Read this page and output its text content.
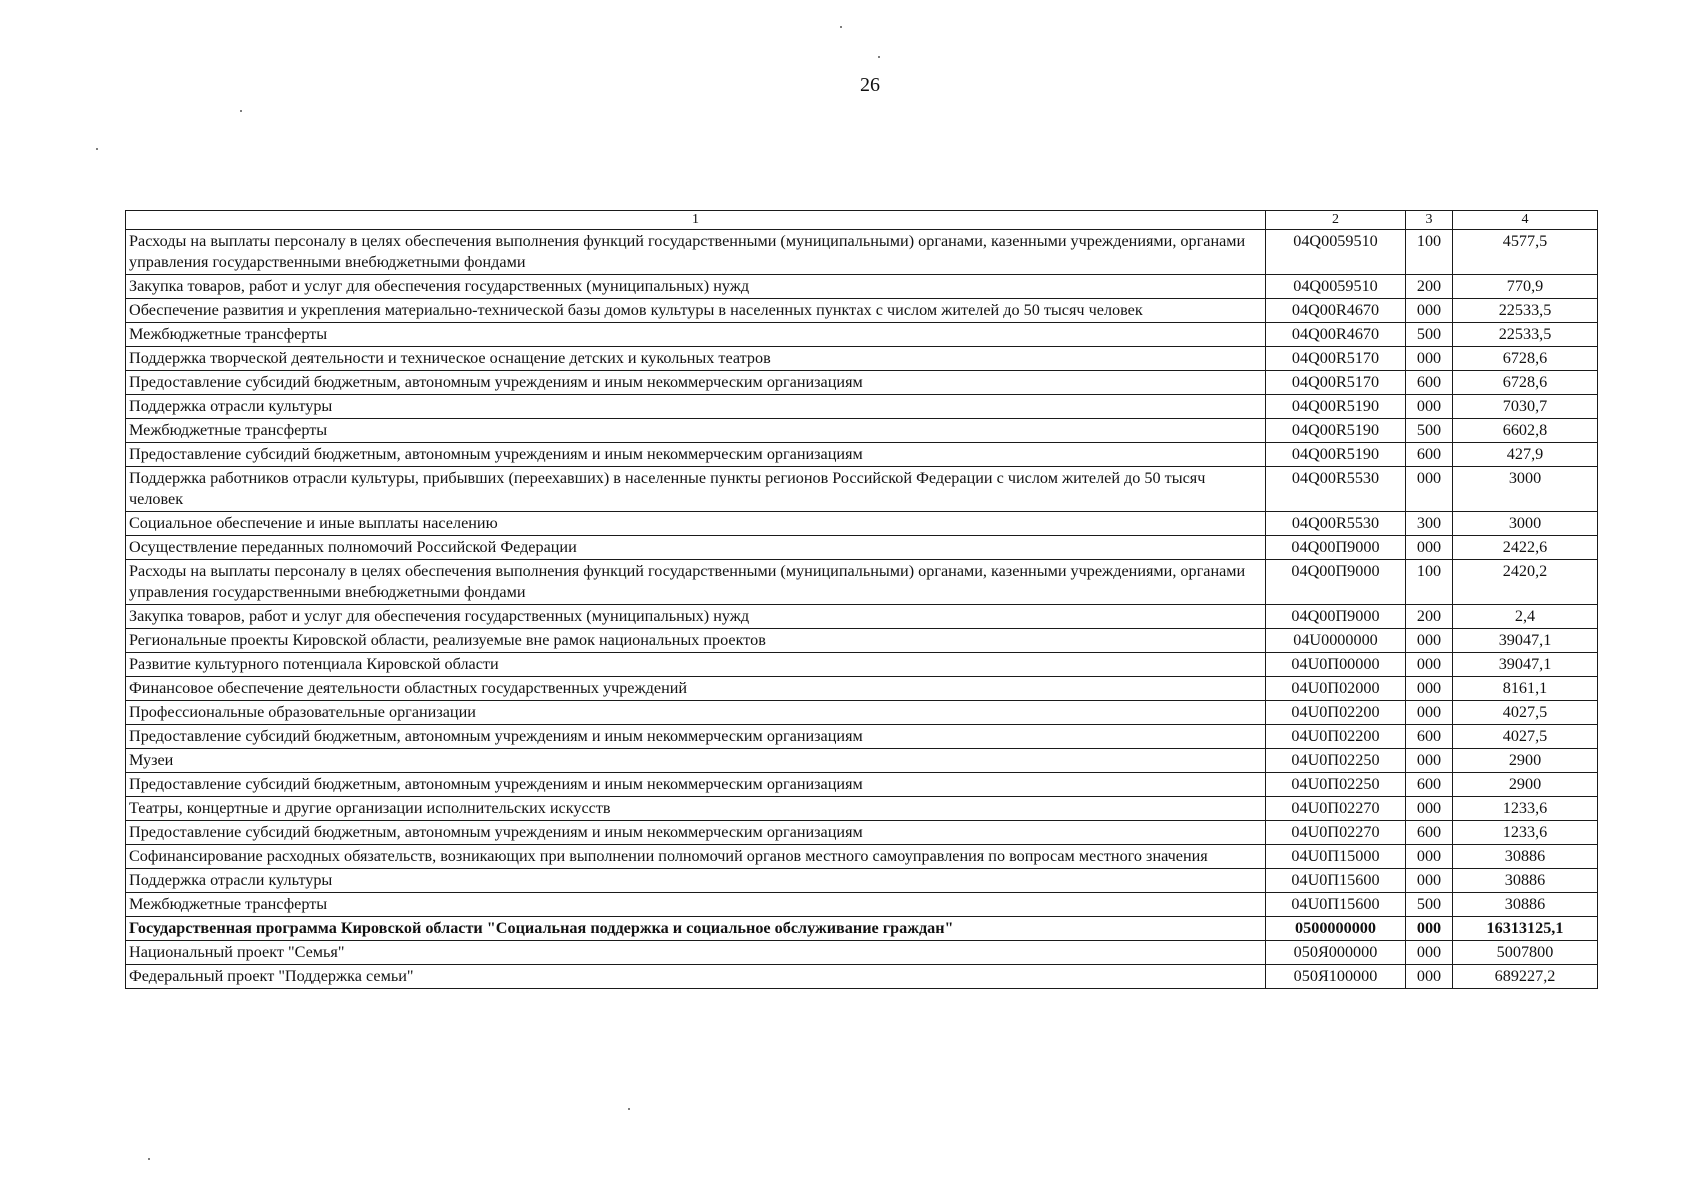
26
1	2	3	4
Расходы на выплаты персоналу в целях обеспечения выполнения функций государственными (муниципальными) органами, казенными учреждениями, органами управления государственными внебюджетными фондами	04Q0059510	100	4577,5
Закупка товаров, работ и услуг для обеспечения государственных (муниципальных) нужд	04Q0059510	200	770,9
Обеспечение развития и укрепления материально-технической базы домов культуры в населенных пунктах с числом жителей до 50 тысяч человек	04Q00R4670	000	22533,5
Межбюджетные трансферты	04Q00R4670	500	22533,5
Поддержка творческой деятельности и техническое оснащение детских и кукольных театров	04Q00R5170	000	6728,6
Предоставление субсидий бюджетным, автономным учреждениям и иным некоммерческим организациям	04Q00R5170	600	6728,6
Поддержка отрасли культуры	04Q00R5190	000	7030,7
Межбюджетные трансферты	04Q00R5190	500	6602,8
Предоставление субсидий бюджетным, автономным учреждениям и иным некоммерческим организациям	04Q00R5190	600	427,9
Поддержка работников отрасли культуры, прибывших (переехавших) в населенные пункты регионов Российской Федерации с числом жителей до 50 тысяч человек	04Q00R5530	000	3000
Социальное обеспечение и иные выплаты населению	04Q00R5530	300	3000
Осуществление переданных полномочий Российской Федерации	04Q00П9000	000	2422,6
Расходы на выплаты персоналу в целях обеспечения выполнения функций государственными (муниципальными) органами, казенными учреждениями, органами управления государственными внебюджетными фондами	04Q00П9000	100	2420,2
Закупка товаров, работ и услуг для обеспечения государственных (муниципальных) нужд	04Q00П9000	200	2,4
Региональные проекты Кировской области, реализуемые вне рамок национальных проектов	04U0000000	000	39047,1
Развитие культурного потенциала Кировской области	04U0П00000	000	39047,1
Финансовое обеспечение деятельности областных государственных учреждений	04U0П02000	000	8161,1
Профессиональные образовательные организации	04U0П02200	000	4027,5
Предоставление субсидий бюджетным, автономным учреждениям и иным некоммерческим организациям	04U0П02200	600	4027,5
Музеи	04U0П02250	000	2900
Предоставление субсидий бюджетным, автономным учреждениям и иным некоммерческим организациям	04U0П02250	600	2900
Театры, концертные и другие организации исполнительских искусств	04U0П02270	000	1233,6
Предоставление субсидий бюджетным, автономным учреждениям и иным некоммерческим организациям	04U0П02270	600	1233,6
Софинансирование расходных обязательств, возникающих при выполнении полномочий органов местного самоуправления по вопросам местного значения	04U0П15000	000	30886
Поддержка отрасли культуры	04U0П15600	000	30886
Межбюджетные трансферты	04U0П15600	500	30886
Государственная программа Кировской области "Социальная поддержка и социальное обслуживание граждан"	0500000000	000	16313125,1
Национальный проект "Семья"	050Я000000	000	5007800
Федеральный проект "Поддержка семьи"	050Я100000	000	689227,2
